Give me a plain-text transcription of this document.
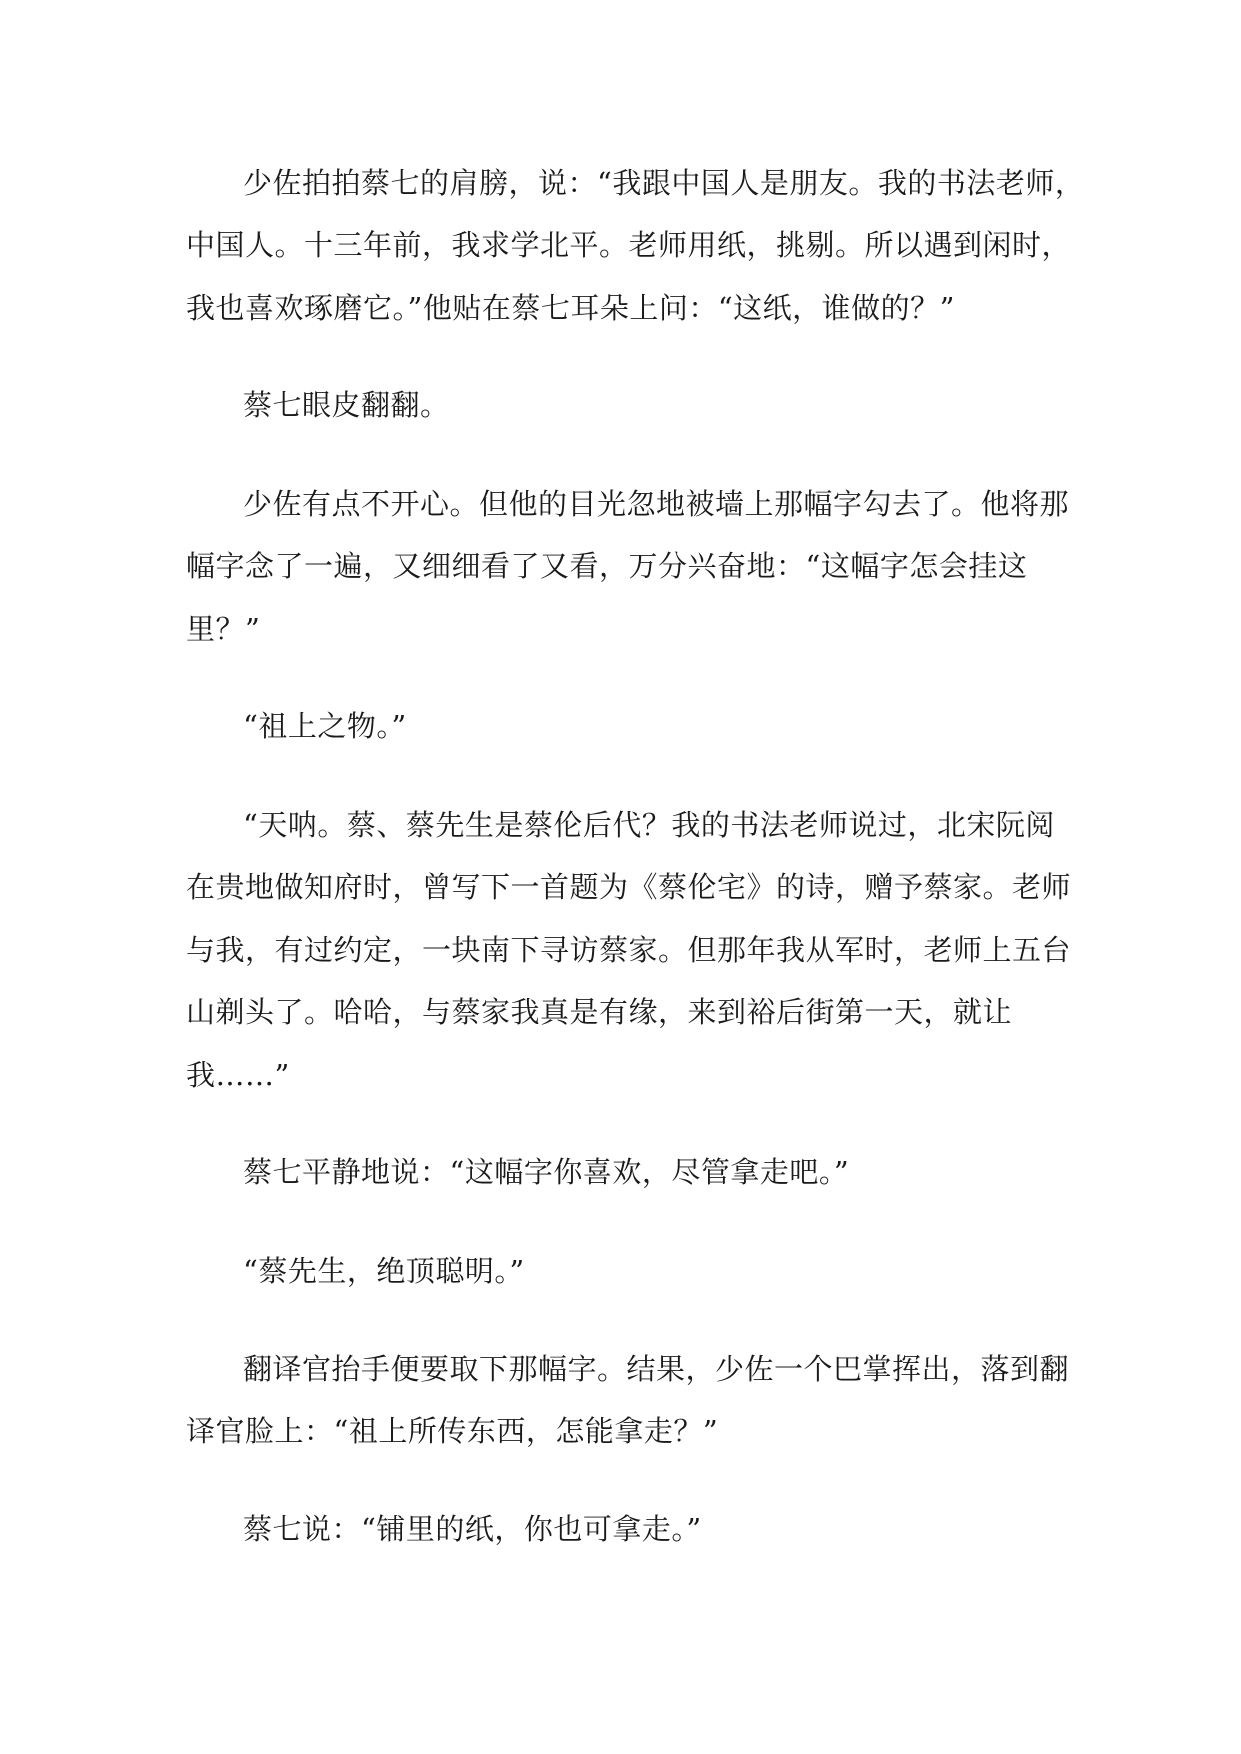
少佐拍拍蔡七的肩膀，说：“我跟中国人是朋友。我的书法老师，
中国人。十三年前，我求学北平。老师用纸，挑剔。所以遇到闲时，
我也喜欢琢磨它。”他贴在蔡七耳朵上问：“这纸，谁做的？”
蔡七眼皮翻翻。
少佐有点不开心。但他的目光忽地被墙上那幅字勾去了。他将那
幅字念了一遍，又细细看了又看，万分兴奋地：“这幅字怎会挂这
里？”
“祖上之物。”
“天呐。蔡、蔡先生是蔡伦后代？我的书法老师说过，北宋阮阅
在贵地做知府时，曾写下一首题为《蔡伦宅》的诗，赠予蔡家。老师
与我，有过约定，一块南下寻访蔡家。但那年我从军时，老师上五台
山剃头了。哈哈，与蔡家我真是有缘，来到裕后街第一天，就让
我……”
蔡七平静地说：“这幅字你喜欢，尽管拿走吧。”
“蔡先生，绝顶聪明。”
翻译官抬手便要取下那幅字。结果，少佐一个巴掌挥出，落到翻
译官脸上：“祖上所传东西，怎能拿走？”
蔡七说：“铺里的纸，你也可拿走。”
